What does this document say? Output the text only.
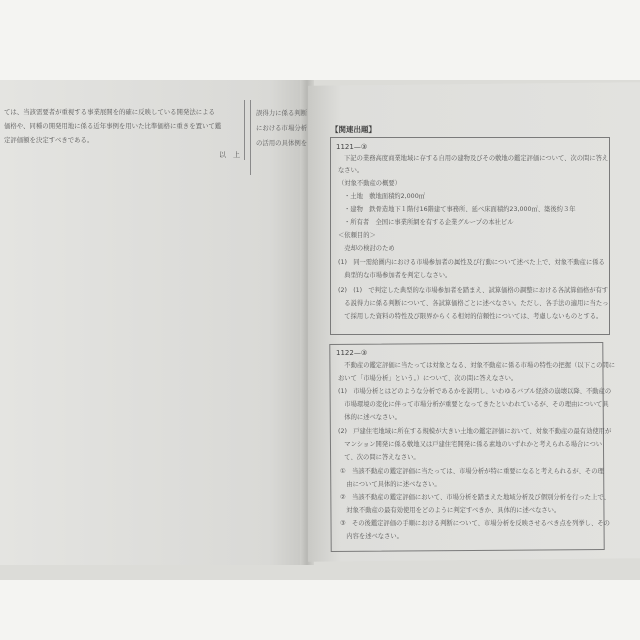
ては、当該需要者が重視する事業展開を的確に反映している開発法による
価格や、同種の開発用地に係る近年事例を用いた比準価格に重きを置いて鑑
定評価額を決定すべきである。
以　上
誤得力に係る判断
における市場分析
の活用の具体例を
【関連出題】
1121—③
下記の業務高度商業地域に存する自用の建物及びその敷地の鑑定評価について、次の問に答え
なさい。
（対象不動産の概要）
・土地　敷地面積約2,000㎡
・建物　鉄骨造地下１階付16階建て事務所、延べ床面積約23,000㎡、築後約３年
・所有者　全国に事業所網を有する企業グループの本社ビル
＜依頼目的＞
　売却の検討のため
(1)　同一需給圏内における市場参加者の属性及び行動について述べた上で、対象不動産に係る
　典型的な市場参加者を判定しなさい。
(2)　(1)　で判定した典型的な市場参加者を踏まえ、試算価格の調整における各試算価格が有す
　る説得力に係る判断について、各試算価格ごとに述べなさい。ただし、各手法の適用に当たっ
　て採用した資料の特性及び限界からくる相対的信頼性については、考慮しないものとする。
1122—③
　不動産の鑑定評価に当たっては対象となる、対象不動産に係る市場の特性の把握（以下この間に
おいて「市場分析」という。）について、次の問に答えなさい。
(1)　市場分析とはどのような分析であるかを説明し、いわゆるバブル経済の崩壊以降、不動産の
　市場環境の変化に伴って市場分析が重要となってきたといわれているが、その理由について具
　体的に述べなさい。
(2)　戸建住宅地域に所在する規模が大きい土地の鑑定評価において、対象不動産の最有効使用が
　マンション開発に係る敷地又は戸建住宅開発に係る素地のいずれかと考えられる場合につい
　て、次の問に答えなさい。
①　当該不動産の鑑定評価に当たっては、市場分析が特に重要になると考えられるが、その理
　由について具体的に述べなさい。
②　当該不動産の鑑定評価において、市場分析を踏まえた地域分析及び個別分析を行った上で、
　対象不動産の最有効使用をどのように判定すべきか、具体的に述べなさい。
③　その後鑑定評価の手順における判断について、市場分析を反映させるべき点を列挙し、その
　内容を述べなさい。
